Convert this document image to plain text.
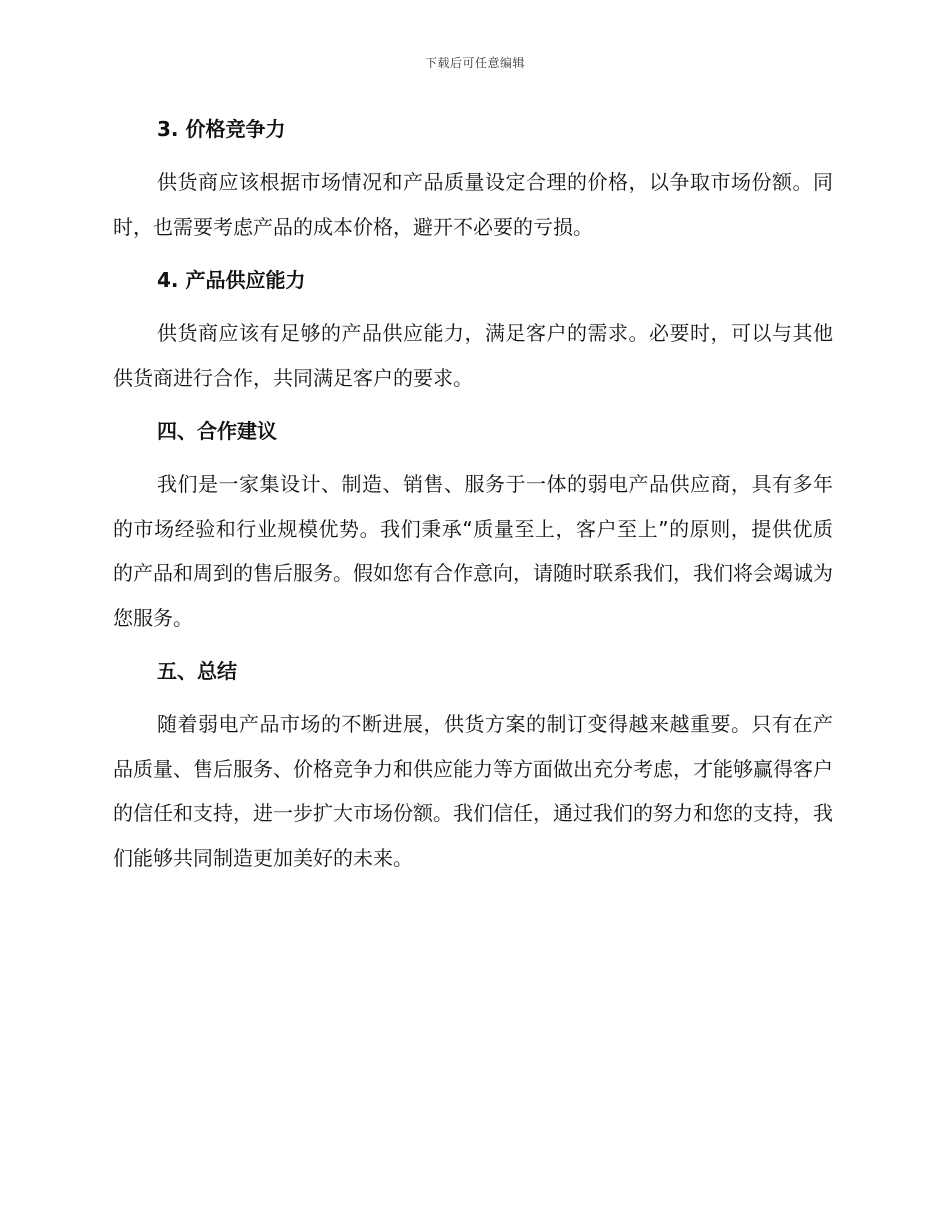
下载后可任意编辑
3. 价格竞争力

供货商应该根据市场情况和产品质量设定合理的价格，以争取市场份额。同时，也需要考虑产品的成本价格，避开不必要的亏损。

4. 产品供应能力

供货商应该有足够的产品供应能力，满足客户的需求。必要时，可以与其他供货商进行合作，共同满足客户的要求。

四、合作建议

我们是一家集设计、制造、销售、服务于一体的弱电产品供应商，具有多年的市场经验和行业规模优势。我们秉承“质量至上，客户至上”的原则，提供优质的产品和周到的售后服务。假如您有合作意向，请随时联系我们，我们将会竭诚为您服务。

五、总结

随着弱电产品市场的不断进展，供货方案的制订变得越来越重要。只有在产品质量、售后服务、价格竞争力和供应能力等方面做出充分考虑，才能够赢得客户的信任和支持，进一步扩大市场份额。我们信任，通过我们的努力和您的支持，我们能够共同制造更加美好的未来。
